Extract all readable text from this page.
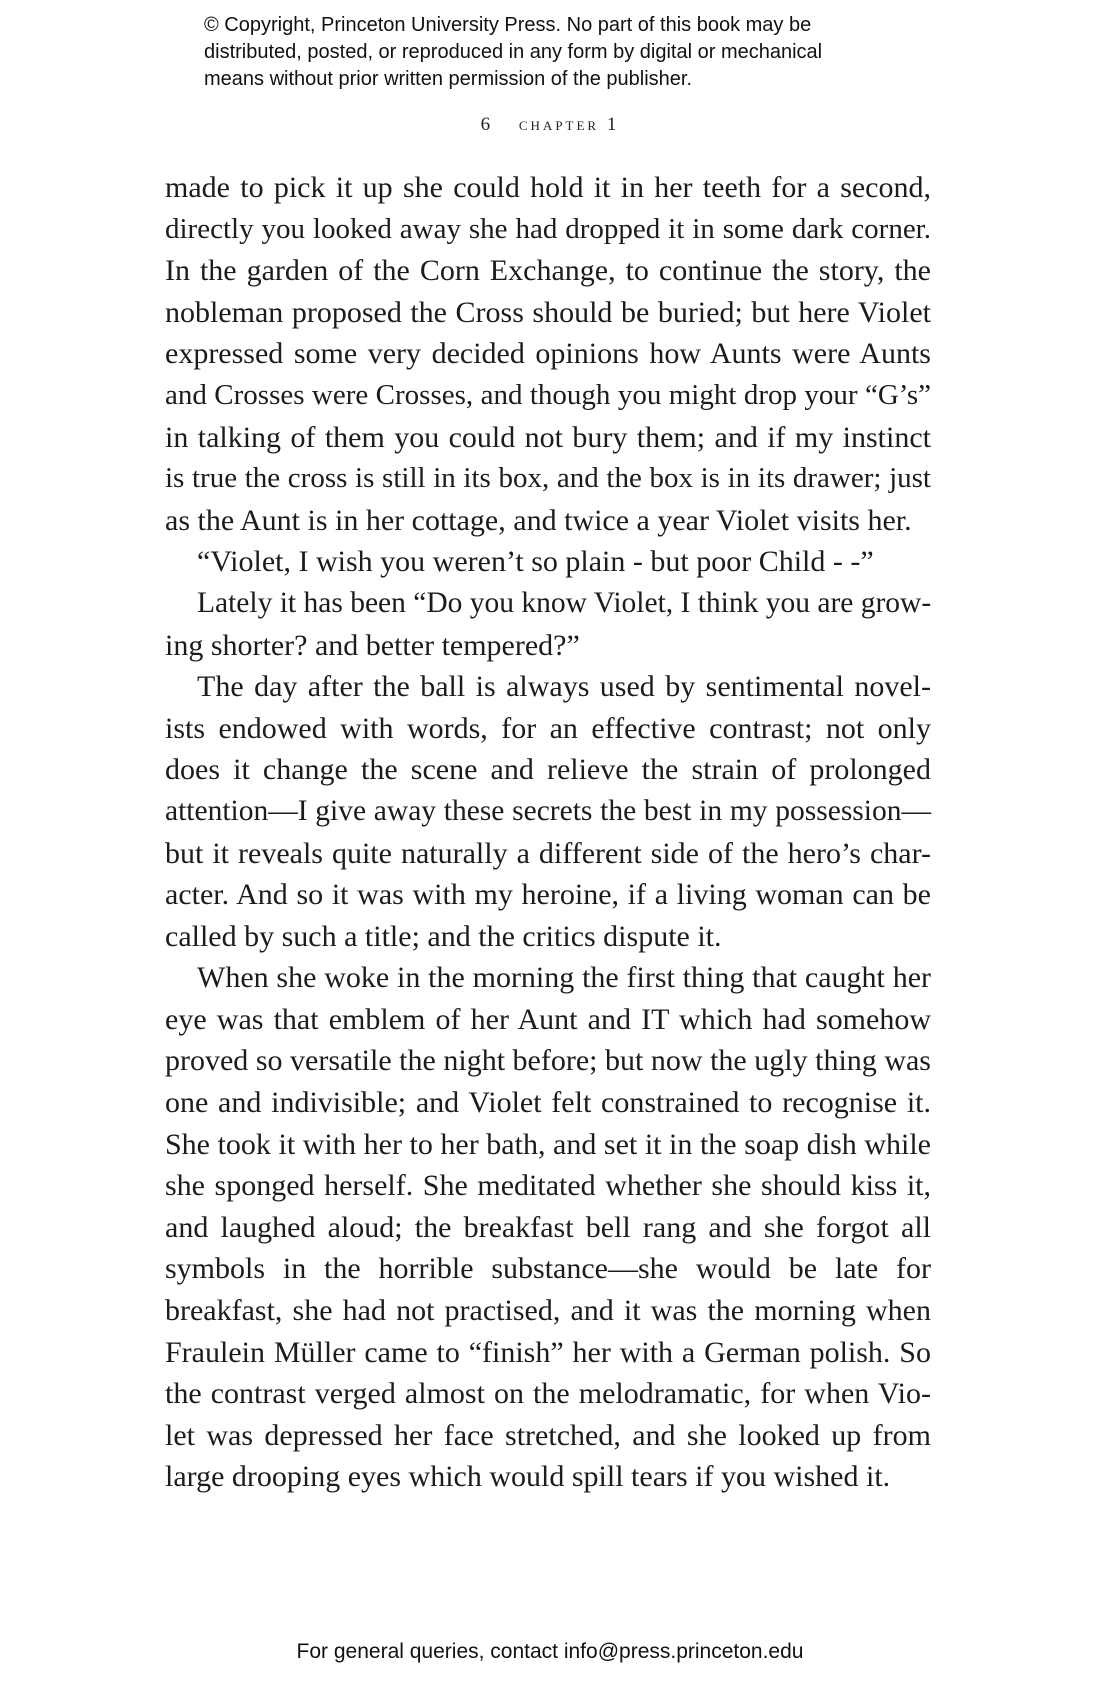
© Copyright, Princeton University Press. No part of this book may be
distributed, posted, or reproduced in any form by digital or mechanical
means without prior written permission of the publisher.
6 chapter 1
made to pick it up she could hold it in her teeth for a second,
directly you looked away she had dropped it in some dark corner.
In the garden of the Corn Exchange, to continue the story, the
nobleman proposed the Cross should be buried; but here Violet
expressed some very decided opinions how Aunts were Aunts
and Crosses were Crosses, and though you might drop your “G’s”
in talking of them you could not bury them; and if my instinct
is true the cross is still in its box, and the box is in its drawer; just
as the Aunt is in her cottage, and twice a year Violet visits her.
“Violet, I wish you weren’t so plain - but poor Child - -”
Lately it has been “Do you know Violet, I think you are grow-
ing shorter? and better tempered?”
The day after the ball is always used by sentimental novel-
ists endowed with words, for an effective contrast; not only
does it change the scene and relieve the strain of prolonged
attention—I give away these secrets the best in my possession—
but it reveals quite naturally a different side of the hero’s char-
acter. And so it was with my heroine, if a living woman can be
called by such a title; and the critics dispute it.
When she woke in the morning the first thing that caught her
eye was that emblem of her Aunt and IT which had somehow
proved so versatile the night before; but now the ugly thing was
one and indivisible; and Violet felt constrained to recognise it.
She took it with her to her bath, and set it in the soap dish while
she sponged herself. She meditated whether she should kiss it,
and laughed aloud; the breakfast bell rang and she forgot all
symbols in the horrible substance—she would be late for
breakfast, she had not practised, and it was the morning when
Fraulein Müller came to “finish” her with a German polish. So
the contrast verged almost on the melodramatic, for when Vio-
let was depressed her face stretched, and she looked up from
large drooping eyes which would spill tears if you wished it.
For general queries, contact info@press.princeton.edu
